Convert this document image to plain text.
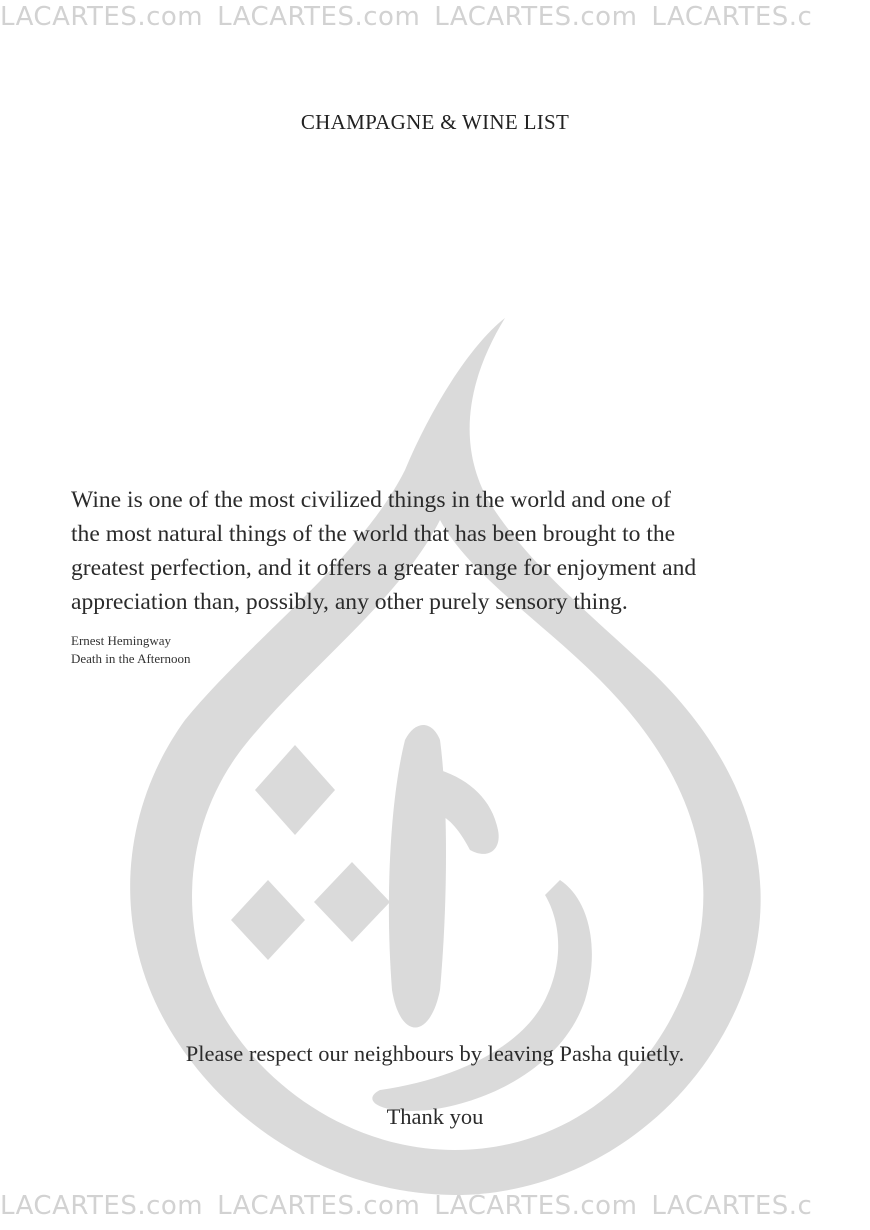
LACARTES.com LACARTES.com LACARTES.com LACARTES.c
CHAMPAGNE & WINE LIST

Wine is one of the most civilized things in the world and one of
the most natural things of the world that has been brought to the
greatest perfection, and it offers a greater range for enjoyment and
appreciation than, possibly, any other purely sensory thing.

Ernest Hemingway
Death in the Afternoon
Please respect our neighbours by leaving Pasha quietly.
Thank you
LACARTES.com LACARTES.com LACARTES.com LACARTES.c
